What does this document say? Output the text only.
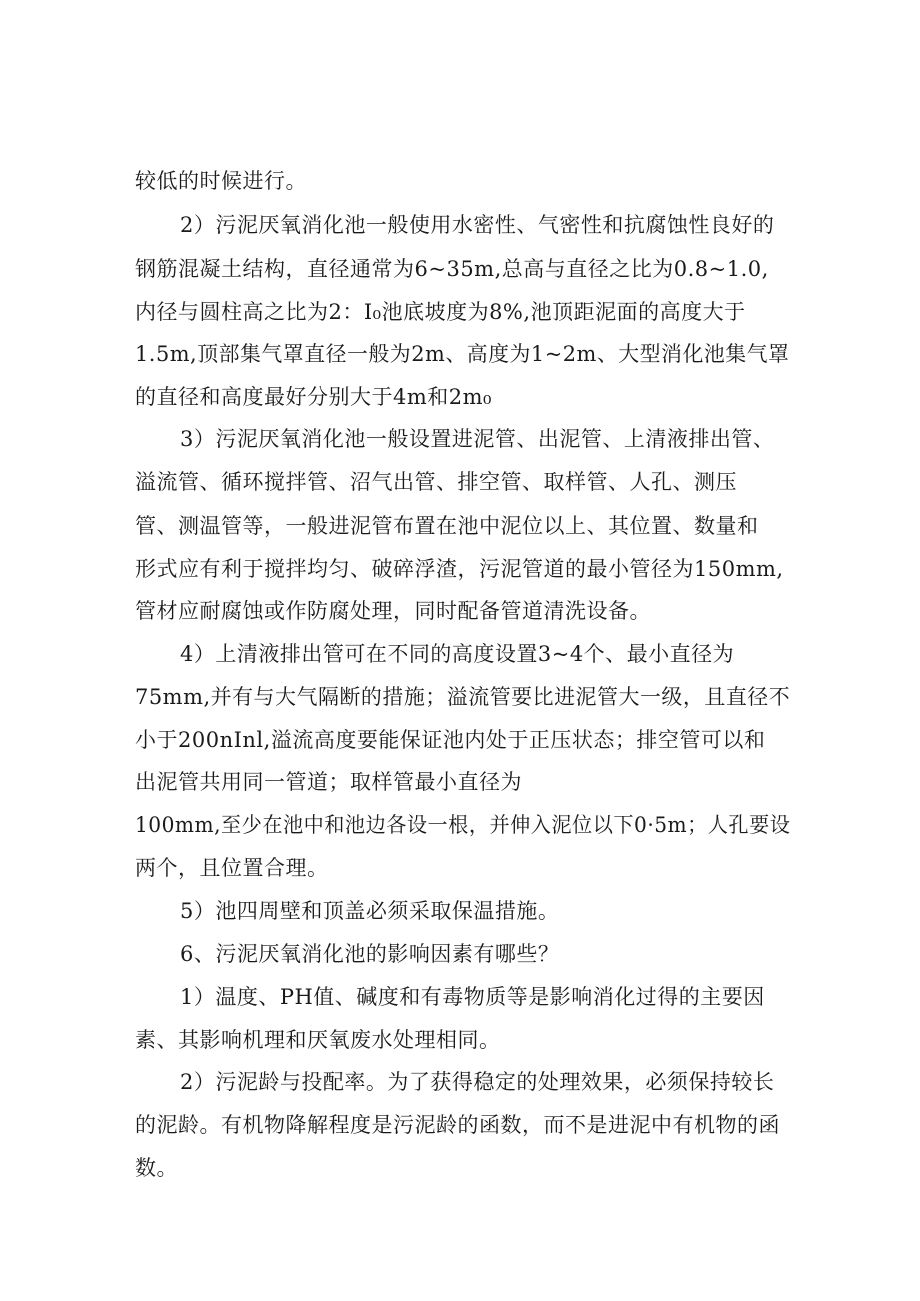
较低的时候进行。
2）污泥厌氧消化池一般使用水密性、气密性和抗腐蚀性良好的
钢筋混凝土结构，直径通常为6~35m,总高与直径之比为0.8~1.0,
内径与圆柱高之比为2：I₀池底坡度为8%,池顶距泥面的高度大于
1.5m,顶部集气罩直径一般为2m、高度为1~2m、大型消化池集气罩
的直径和高度最好分别大于4m和2m₀
3）污泥厌氧消化池一般设置进泥管、出泥管、上清液排出管、
溢流管、循环搅拌管、沼气出管、排空管、取样管、人孔、测压
管、测温管等，一般进泥管布置在池中泥位以上、其位置、数量和
形式应有利于搅拌均匀、破碎浮渣，污泥管道的最小管径为150mm,
管材应耐腐蚀或作防腐处理，同时配备管道清洗设备。
4）上清液排出管可在不同的高度设置3~4个、最小直径为
75mm,并有与大气隔断的措施；溢流管要比进泥管大一级，且直径不
小于200nInl,溢流高度要能保证池内处于正压状态；排空管可以和
出泥管共用同一管道；取样管最小直径为
100mm,至少在池中和池边各设一根，并伸入泥位以下0·5m；人孔要设
两个，且位置合理。
5）池四周壁和顶盖必须采取保温措施。
6、污泥厌氧消化池的影响因素有哪些？
1）温度、PH值、碱度和有毒物质等是影响消化过得的主要因
素、其影响机理和厌氧废水处理相同。
2）污泥龄与投配率。为了获得稳定的处理效果，必须保持较长
的泥龄。有机物降解程度是污泥龄的函数，而不是进泥中有机物的函
数。
